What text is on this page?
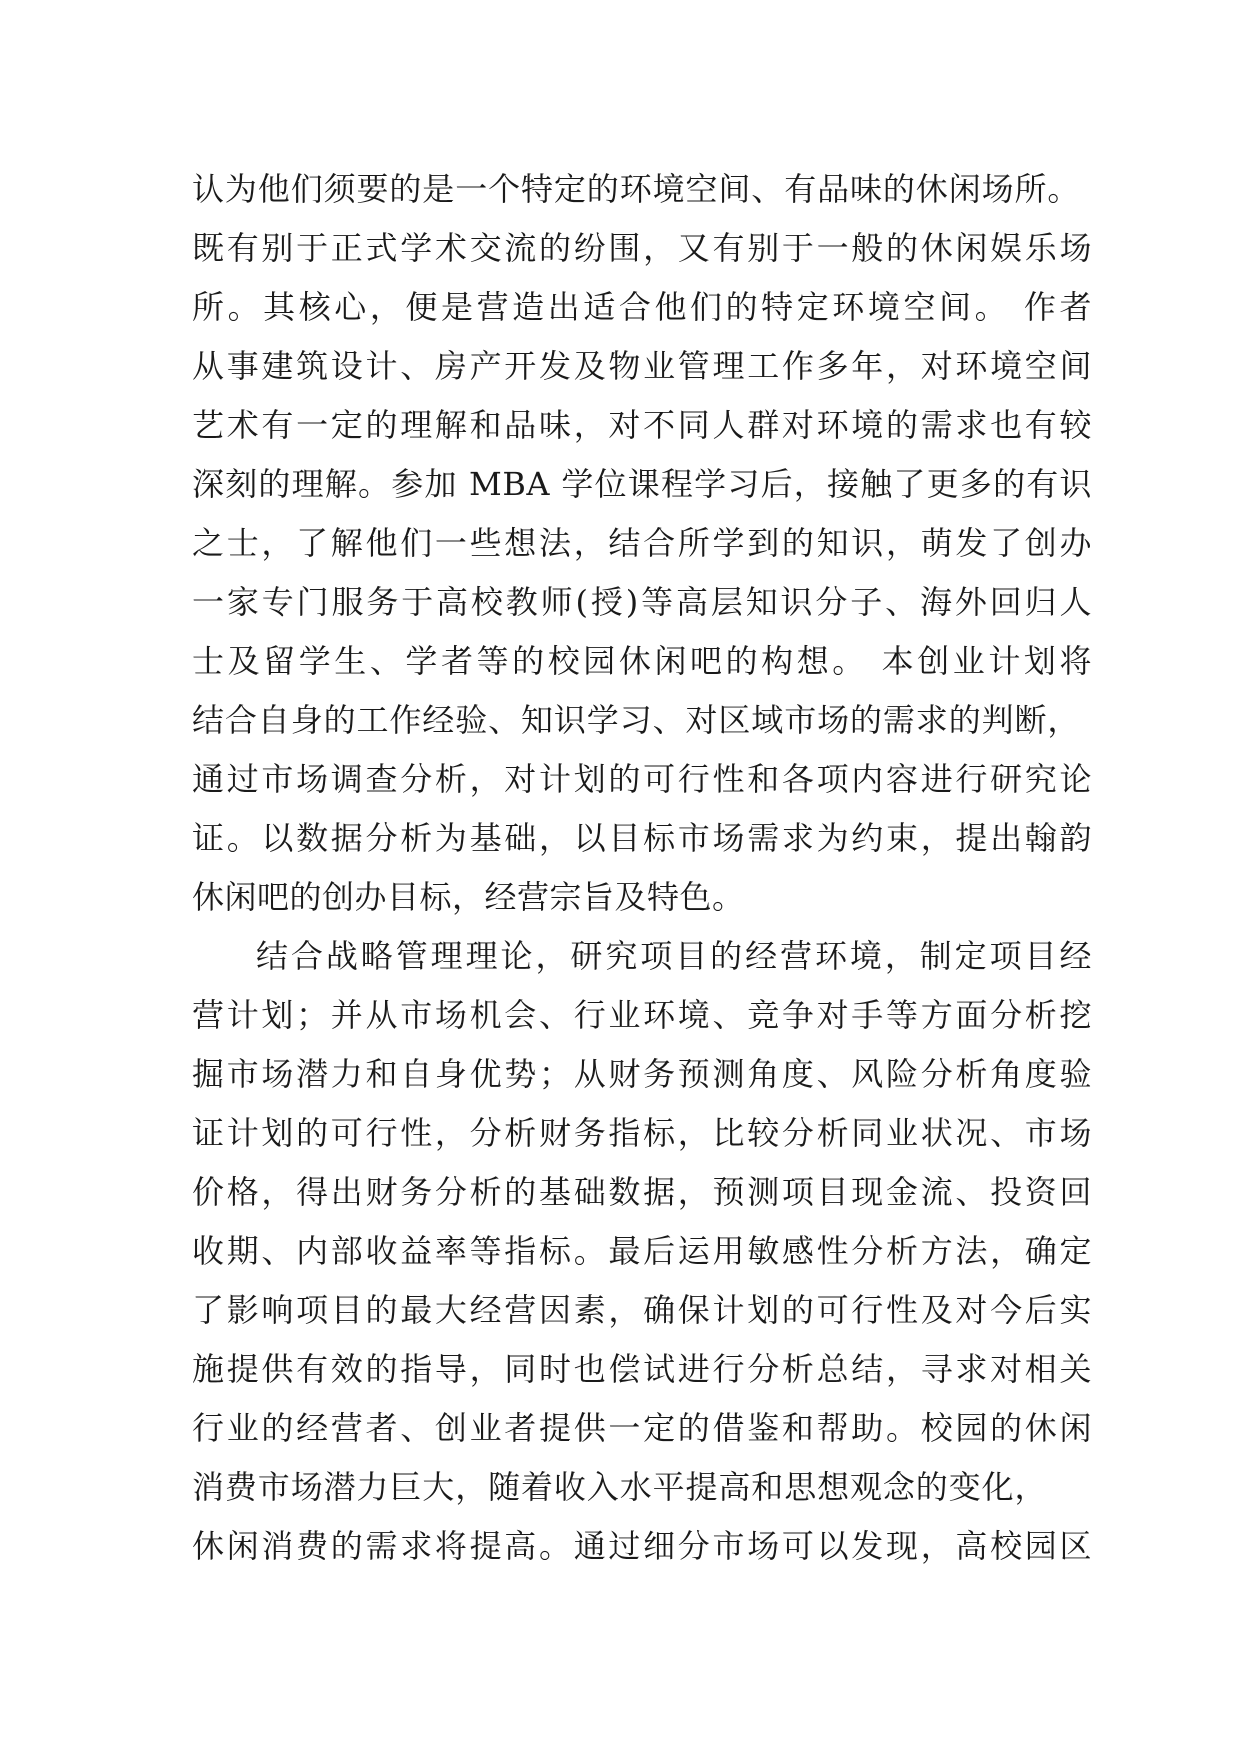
认为他们须要的是一个特定的环境空间、有品味的休闲场所。
既有别于正式学术交流的纷围，又有别于一般的休闲娱乐场
所。其核心，便是营造出适合他们的特定环境空间。 作者
从事建筑设计、房产开发及物业管理工作多年，对环境空间
艺术有一定的理解和品味，对不同人群对环境的需求也有较
深刻的理解。参加 MBA 学位课程学习后，接触了更多的有识
之士，了解他们一些想法，结合所学到的知识，萌发了创办
一家专门服务于高校教师(授)等高层知识分子、海外回归人
士及留学生、学者等的校园休闲吧的构想。 本创业计划将
结合自身的工作经验、知识学习、对区域市场的需求的判断，
通过市场调查分析，对计划的可行性和各项内容进行研究论
证。以数据分析为基础，以目标市场需求为约束，提出翰韵
休闲吧的创办目标，经营宗旨及特色。
结合战略管理理论，研究项目的经营环境，制定项目经
营计划；并从市场机会、行业环境、竞争对手等方面分析挖
掘市场潜力和自身优势；从财务预测角度、风险分析角度验
证计划的可行性，分析财务指标，比较分析同业状况、市场
价格，得出财务分析的基础数据，预测项目现金流、投资回
收期、内部收益率等指标。最后运用敏感性分析方法，确定
了影响项目的最大经营因素，确保计划的可行性及对今后实
施提供有效的指导，同时也偿试进行分析总结，寻求对相关
行业的经营者、创业者提供一定的借鉴和帮助。校园的休闲
消费市场潜力巨大，随着收入水平提高和思想观念的变化，
休闲消费的需求将提高。通过细分市场可以发现，高校园区
